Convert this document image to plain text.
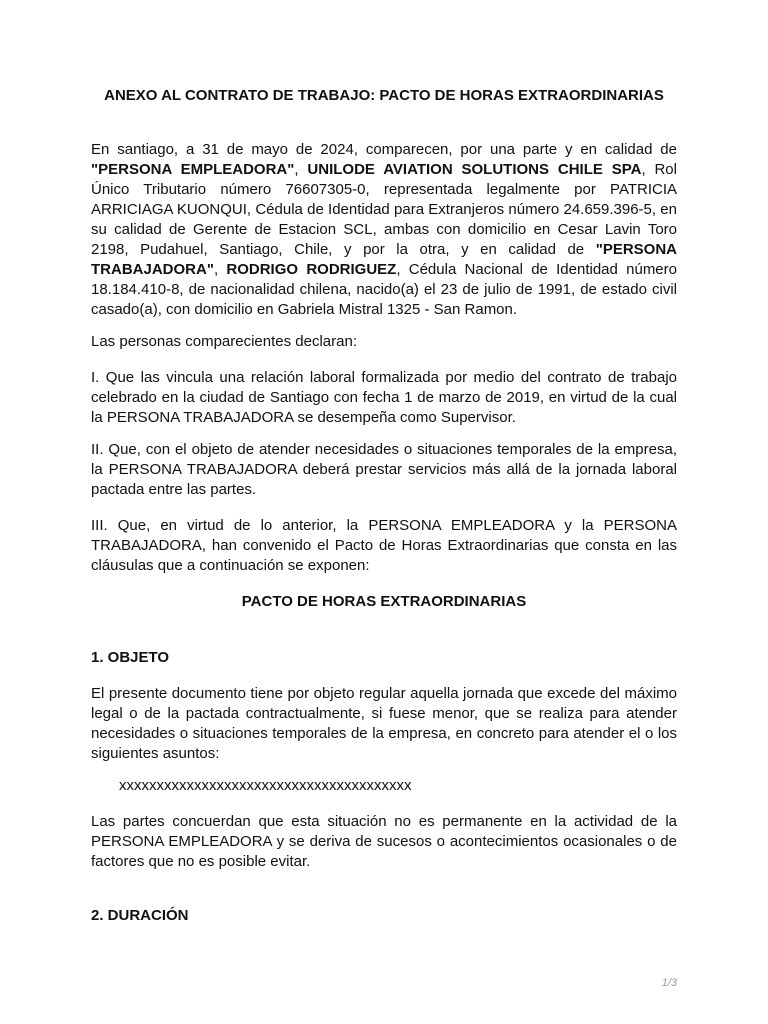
ANEXO AL CONTRATO DE TRABAJO: PACTO DE HORAS EXTRAORDINARIAS

En santiago, a 31 de mayo de 2024, comparecen, por una parte y en calidad de "PERSONA EMPLEADORA", UNILODE AVIATION SOLUTIONS CHILE SPA, Rol Único Tributario número 76607305-0, representada legalmente por PATRICIA ARRICIAGA KUONQUI, Cédula de Identidad para Extranjeros número 24.659.396-5, en su calidad de Gerente de Estacion SCL, ambas con domicilio en Cesar Lavin Toro 2198, Pudahuel, Santiago, Chile, y por la otra, y en calidad de "PERSONA TRABAJADORA", RODRIGO RODRIGUEZ, Cédula Nacional de Identidad número 18.184.410-8, de nacionalidad chilena, nacido(a) el 23 de julio de 1991, de estado civil casado(a), con domicilio en Gabriela Mistral 1325 - San Ramon.

Las personas comparecientes declaran:

I. Que las vincula una relación laboral formalizada por medio del contrato de trabajo celebrado en la ciudad de Santiago con fecha 1 de marzo de 2019, en virtud de la cual la PERSONA TRABAJADORA se desempeña como Supervisor.

II. Que, con el objeto de atender necesidades o situaciones temporales de la empresa, la PERSONA TRABAJADORA deberá prestar servicios más allá de la jornada laboral pactada entre las partes.

III. Que, en virtud de lo anterior, la PERSONA EMPLEADORA y la PERSONA TRABAJADORA, han convenido el Pacto de Horas Extraordinarias que consta en las cláusulas que a continuación se exponen:

PACTO DE HORAS EXTRAORDINARIAS
1. OBJETO

El presente documento tiene por objeto regular aquella jornada que excede del máximo legal o de la pactada contractualmente, si fuese menor, que se realiza para atender necesidades o situaciones temporales de la empresa, en concreto para atender el o los siguientes asuntos:

xxxxxxxxxxxxxxxxxxxxxxxxxxxxxxxxxxxxxxx

Las partes concuerdan que esta situación no es permanente en la actividad de la PERSONA EMPLEADORA y se deriva de sucesos o acontecimientos ocasionales o de factores que no es posible evitar.

2. DURACIÓN
1/3
